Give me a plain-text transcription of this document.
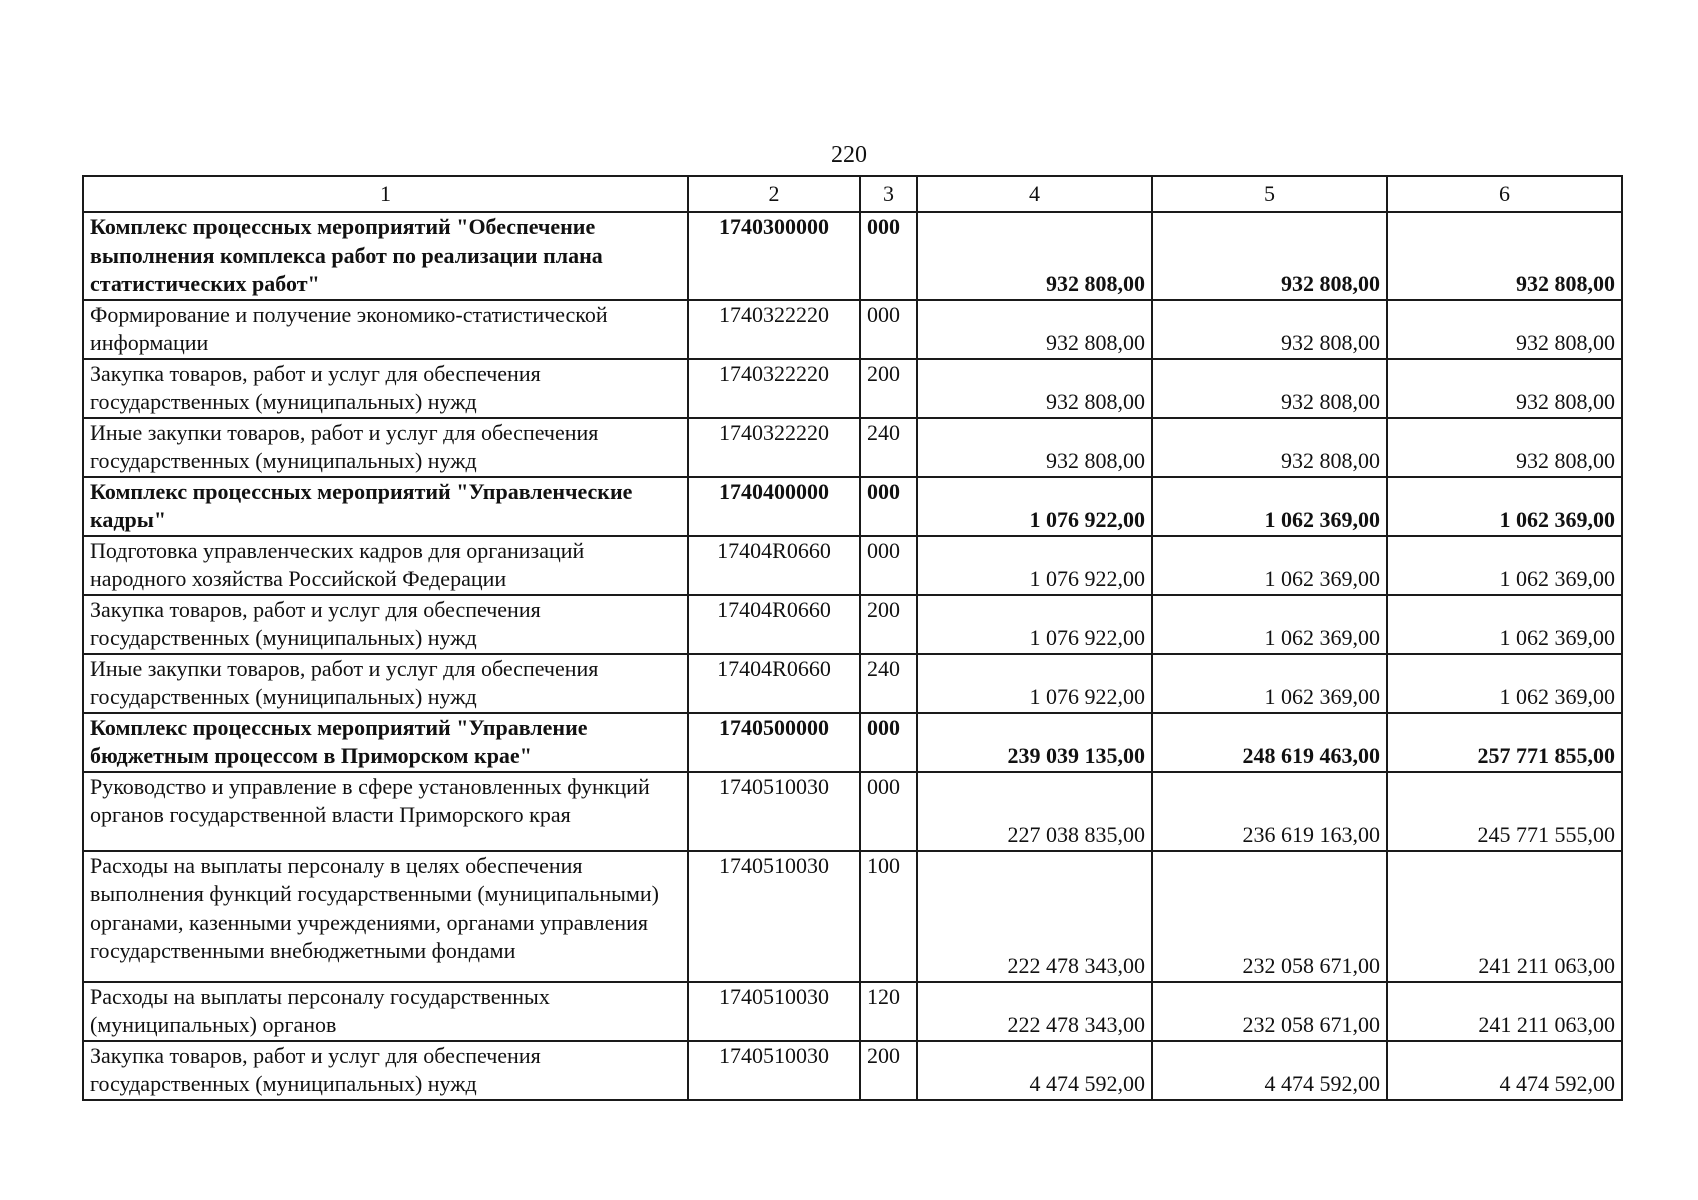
220
1	2	3	4	5	6
Комплекс процессных мероприятий "Обеспечение выполнения комплекса работ по реализации плана статистических работ"	1740300000	000	932 808,00	932 808,00	932 808,00
Формирование и получение экономико-статистической информации	1740322220	000	932 808,00	932 808,00	932 808,00
Закупка товаров, работ и услуг для обеспечения государственных (муниципальных) нужд	1740322220	200	932 808,00	932 808,00	932 808,00
Иные закупки товаров, работ и услуг для обеспечения государственных (муниципальных) нужд	1740322220	240	932 808,00	932 808,00	932 808,00
Комплекс процессных мероприятий "Управленческие кадры"	1740400000	000	1 076 922,00	1 062 369,00	1 062 369,00
Подготовка управленческих кадров для организаций народного хозяйства Российской Федерации	17404R0660	000	1 076 922,00	1 062 369,00	1 062 369,00
Закупка товаров, работ и услуг для обеспечения государственных (муниципальных) нужд	17404R0660	200	1 076 922,00	1 062 369,00	1 062 369,00
Иные закупки товаров, работ и услуг для обеспечения государственных (муниципальных) нужд	17404R0660	240	1 076 922,00	1 062 369,00	1 062 369,00
Комплекс процессных мероприятий "Управление бюджетным процессом в Приморском крае"	1740500000	000	239 039 135,00	248 619 463,00	257 771 855,00
Руководство и управление в сфере установленных функций органов государственной власти Приморского края	1740510030	000	227 038 835,00	236 619 163,00	245 771 555,00
Расходы на выплаты персоналу в целях обеспечения выполнения функций государственными (муниципальными) органами, казенными учреждениями, органами управления государственными внебюджетными фондами	1740510030	100	222 478 343,00	232 058 671,00	241 211 063,00
Расходы на выплаты персоналу государственных (муниципальных) органов	1740510030	120	222 478 343,00	232 058 671,00	241 211 063,00
Закупка товаров, работ и услуг для обеспечения государственных (муниципальных) нужд	1740510030	200	4 474 592,00	4 474 592,00	4 474 592,00
